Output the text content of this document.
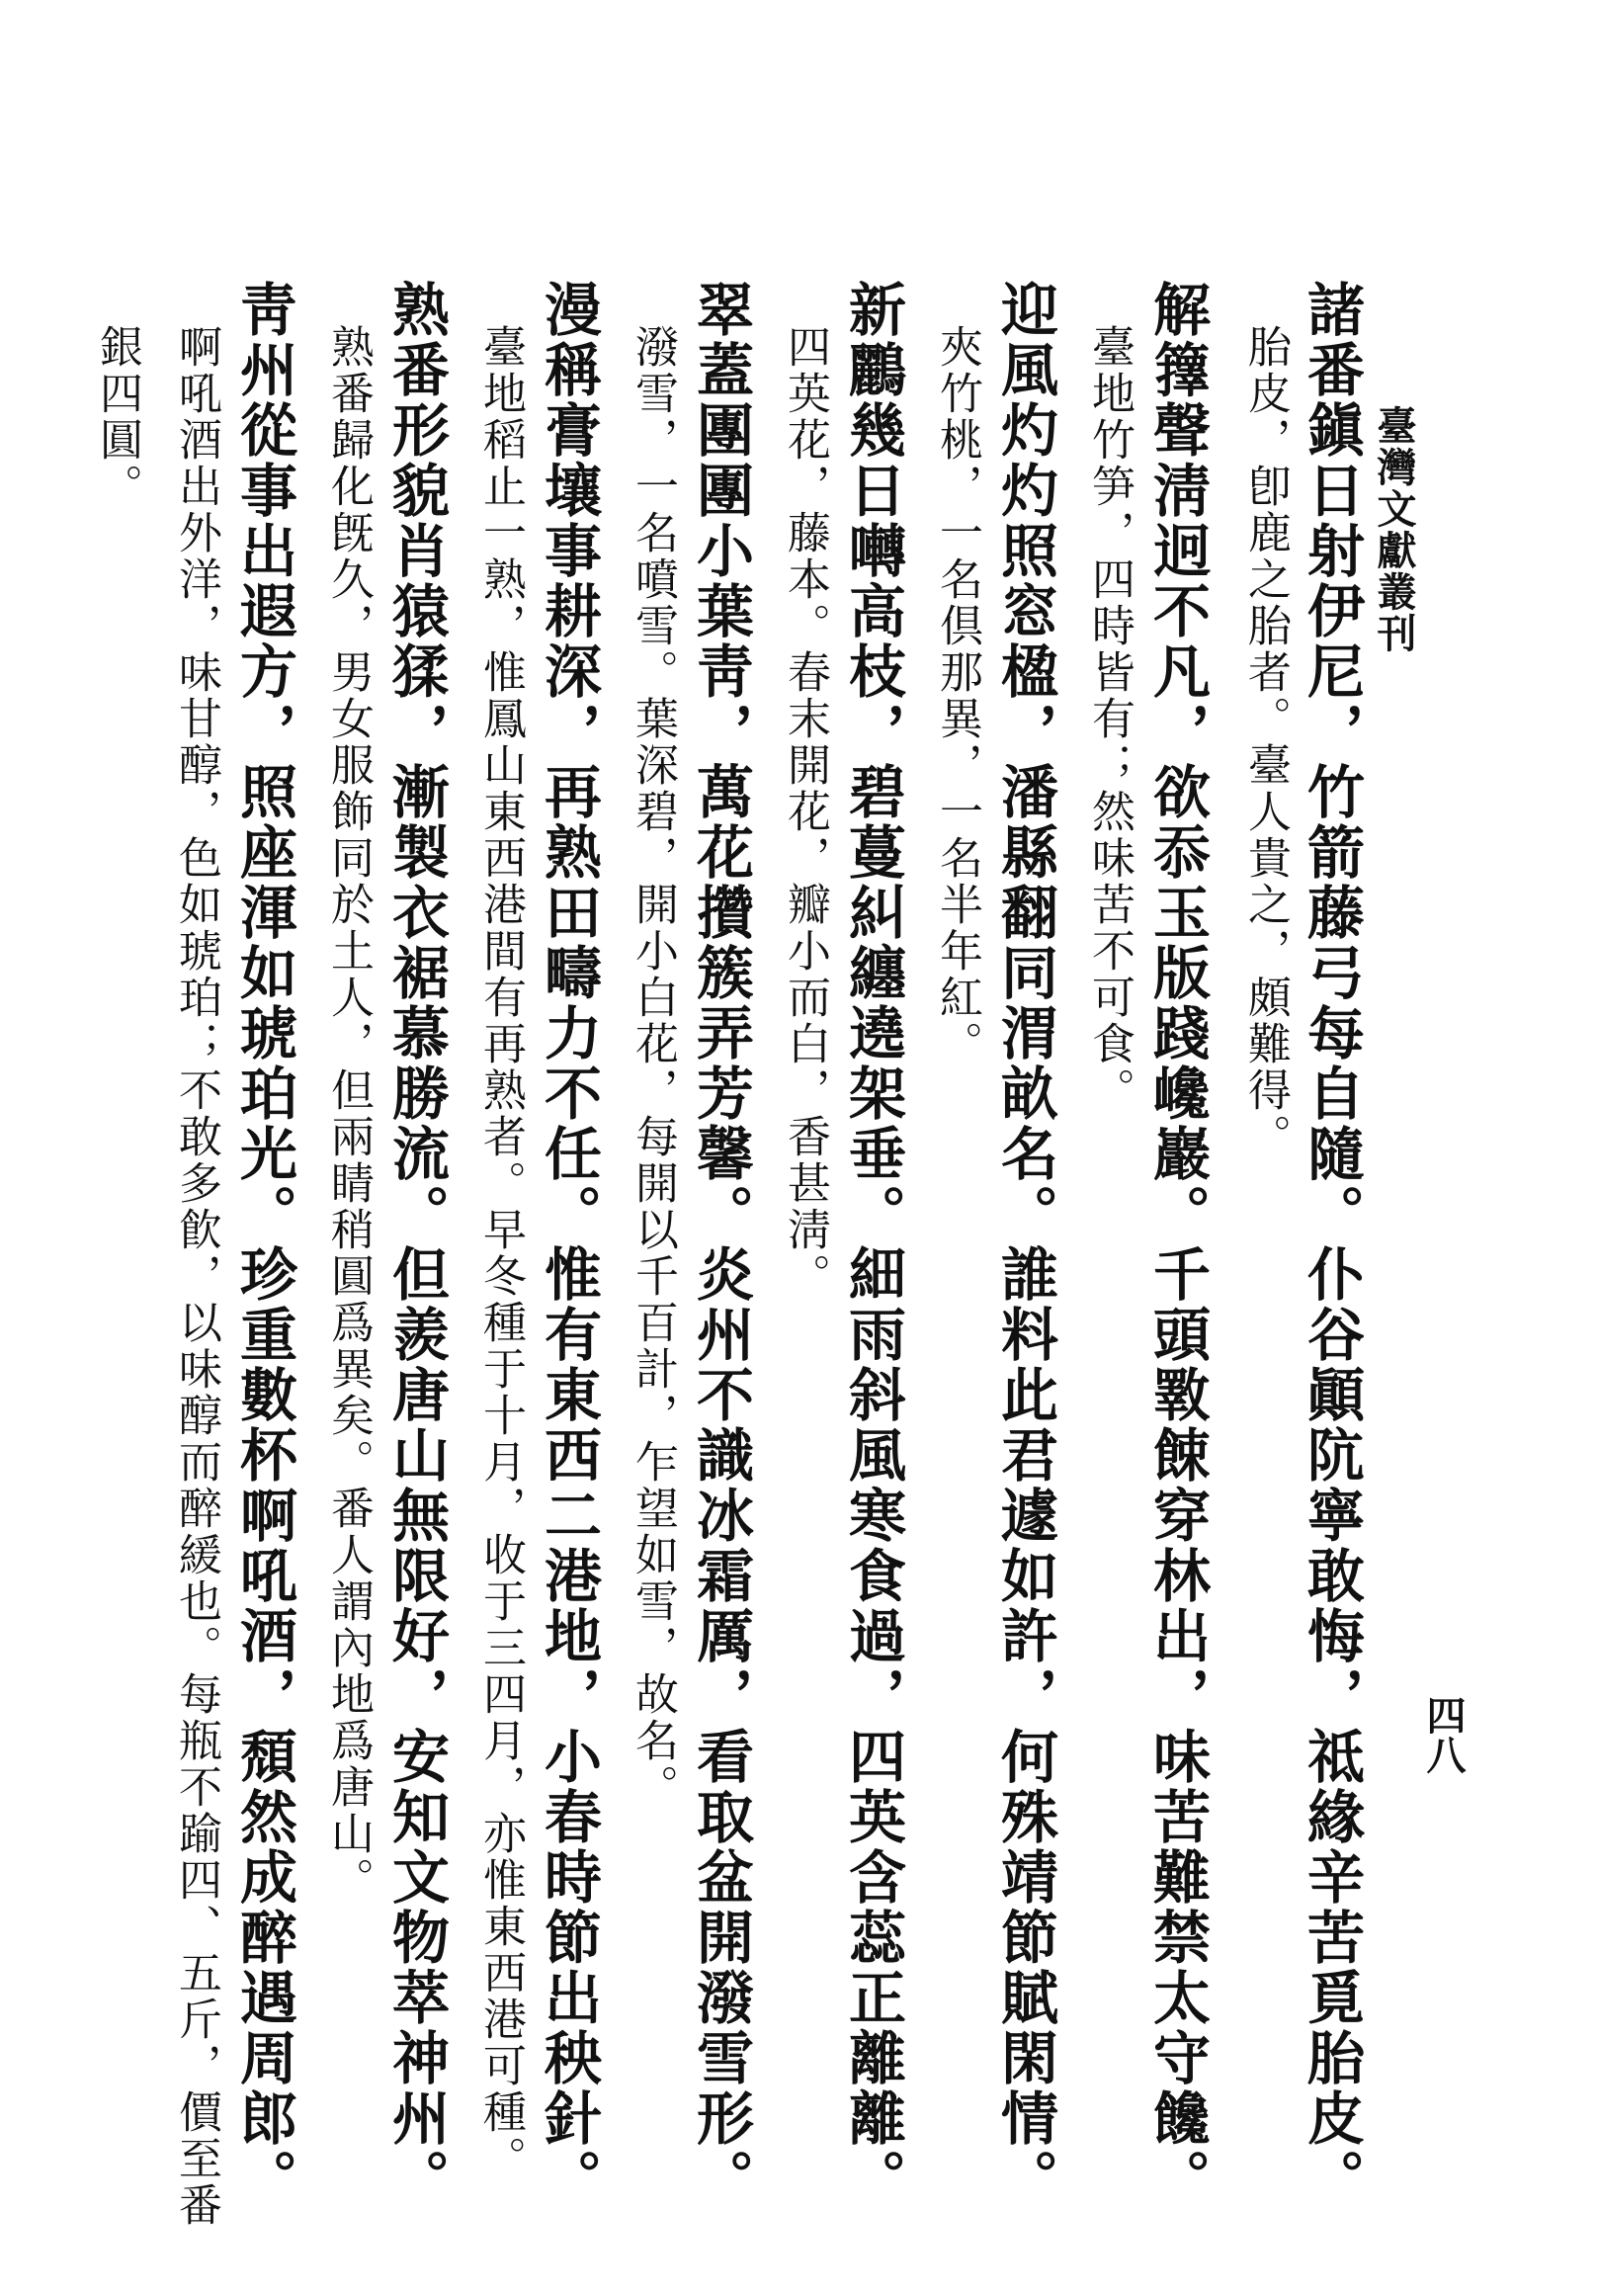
臺灣文獻叢刊
四八
諸番鎭日射伊尼，竹箭藤弓每自隨。仆谷顚阬寧敢悔，祗緣辛苦覓胎皮。
胎皮，卽鹿之胎者。臺人貴之，頗難得。
解籜聲淸迥不凡，欲忝玉版踐巉巖。千頭斁餗穿林出，味苦難禁太守饞。
臺地竹笋，四時皆有；然味苦不可食。
迎風灼灼照窓楹，潘縣翻同渭畝名。誰料此君遽如許，何殊靖節賦閑情。
夾竹桃，一名倶那異，一名半年紅。
新鸝幾日囀高枝，碧蔓糾纏遶架垂。細雨斜風寒食過，四英含蕊正離離。
四英花，藤本。春末開花，瓣小而白，香甚淸。
翠蓋團團小葉靑，萬花攢簇弄芳馨。炎州不識冰霜厲，看取盆開潑雪形。
潑雪，一名噴雪。葉深碧，開小白花，每開以千百計，乍望如雪，故名。
漫稱膏壤事耕深，再熟田疇力不任。惟有東西二港地，小春時節出秧針。
臺地稻止一熟，惟鳳山東西港間有再熟者。早冬種于十月，收于三四月，亦惟東西港可種。
熟番形貌肖猿猱，漸製衣裾慕勝流。但羨唐山無限好，安知文物萃神州。
熟番歸化旣久，男女服飾同於土人，但兩睛稍圓爲異矣。番人謂內地爲唐山。
靑州從事出遐方，照座渾如琥珀光。珍重數杯啊吼酒，頹然成醉遇周郎。
啊吼酒出外洋，味甘醇，色如琥珀；不敢多飮，以味醇而醉緩也。每瓶不踰四、五斤，價至番
銀四圓。
